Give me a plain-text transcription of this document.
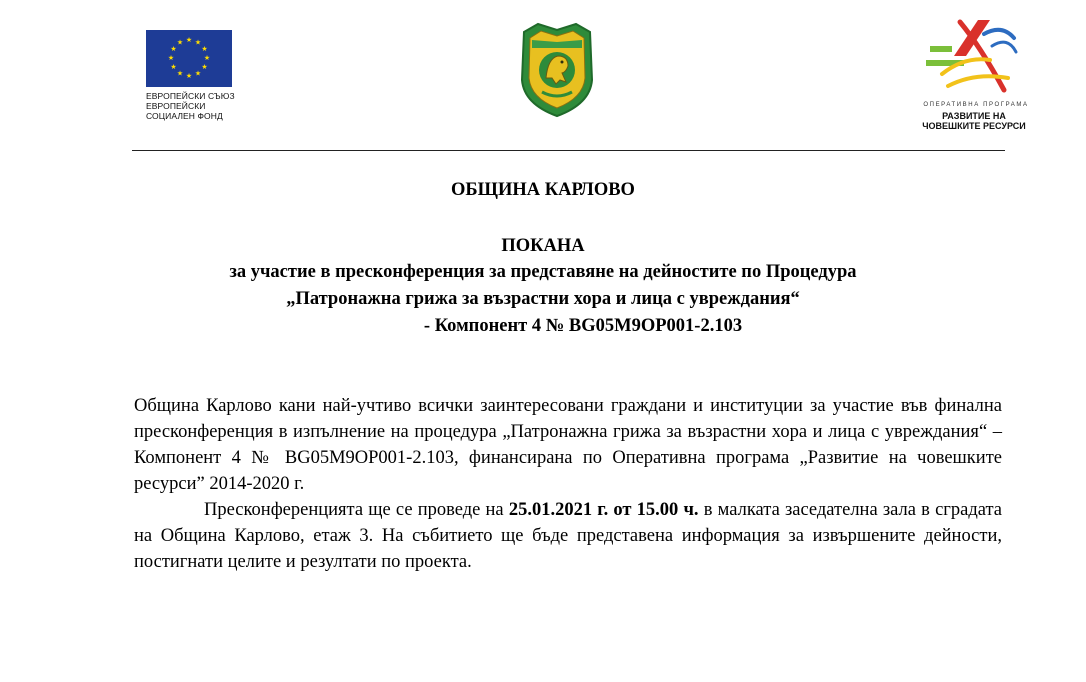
★ ★
★
★
★
★
★
★
★
★
★
★
ЕВРОПЕЙСКИ СЪЮЗ
ЕВРОПЕЙСКИ
СОЦИАЛЕН ФОНД
ОПЕРАТИВНА ПРОГРАМА
РАЗВИТИЕ НА
ЧОВЕШКИТЕ РЕСУРСИ
ОБЩИНА КАРЛОВО
ПОКАНА
за участие в пресконференция за представяне на дейностите по Процедура
„Патронажна грижа за възрастни хора и лица с увреждания“
- Компонент 4 № BG05M9OP001-2.103

Община Карлово кани най-учтиво всички заинтересовани граждани и институции за участие във финална пресконференция в изпълнение на процедура „Патронажна грижа за възрастни хора и лица с увреждания“ – Компонент 4 № BG05M9OP001-2.103, финансирана по Оперативна програма „Развитие на човешките ресурси” 2014-2020 г.

Пресконференцията ще се проведе на 25.01.2021 г. от 15.00 ч. в малката заседателна зала в сградата на Община Карлово, етаж 3. На събитието ще бъде представена информация за извършените дейности, постигнати целите и резултати по проекта.
